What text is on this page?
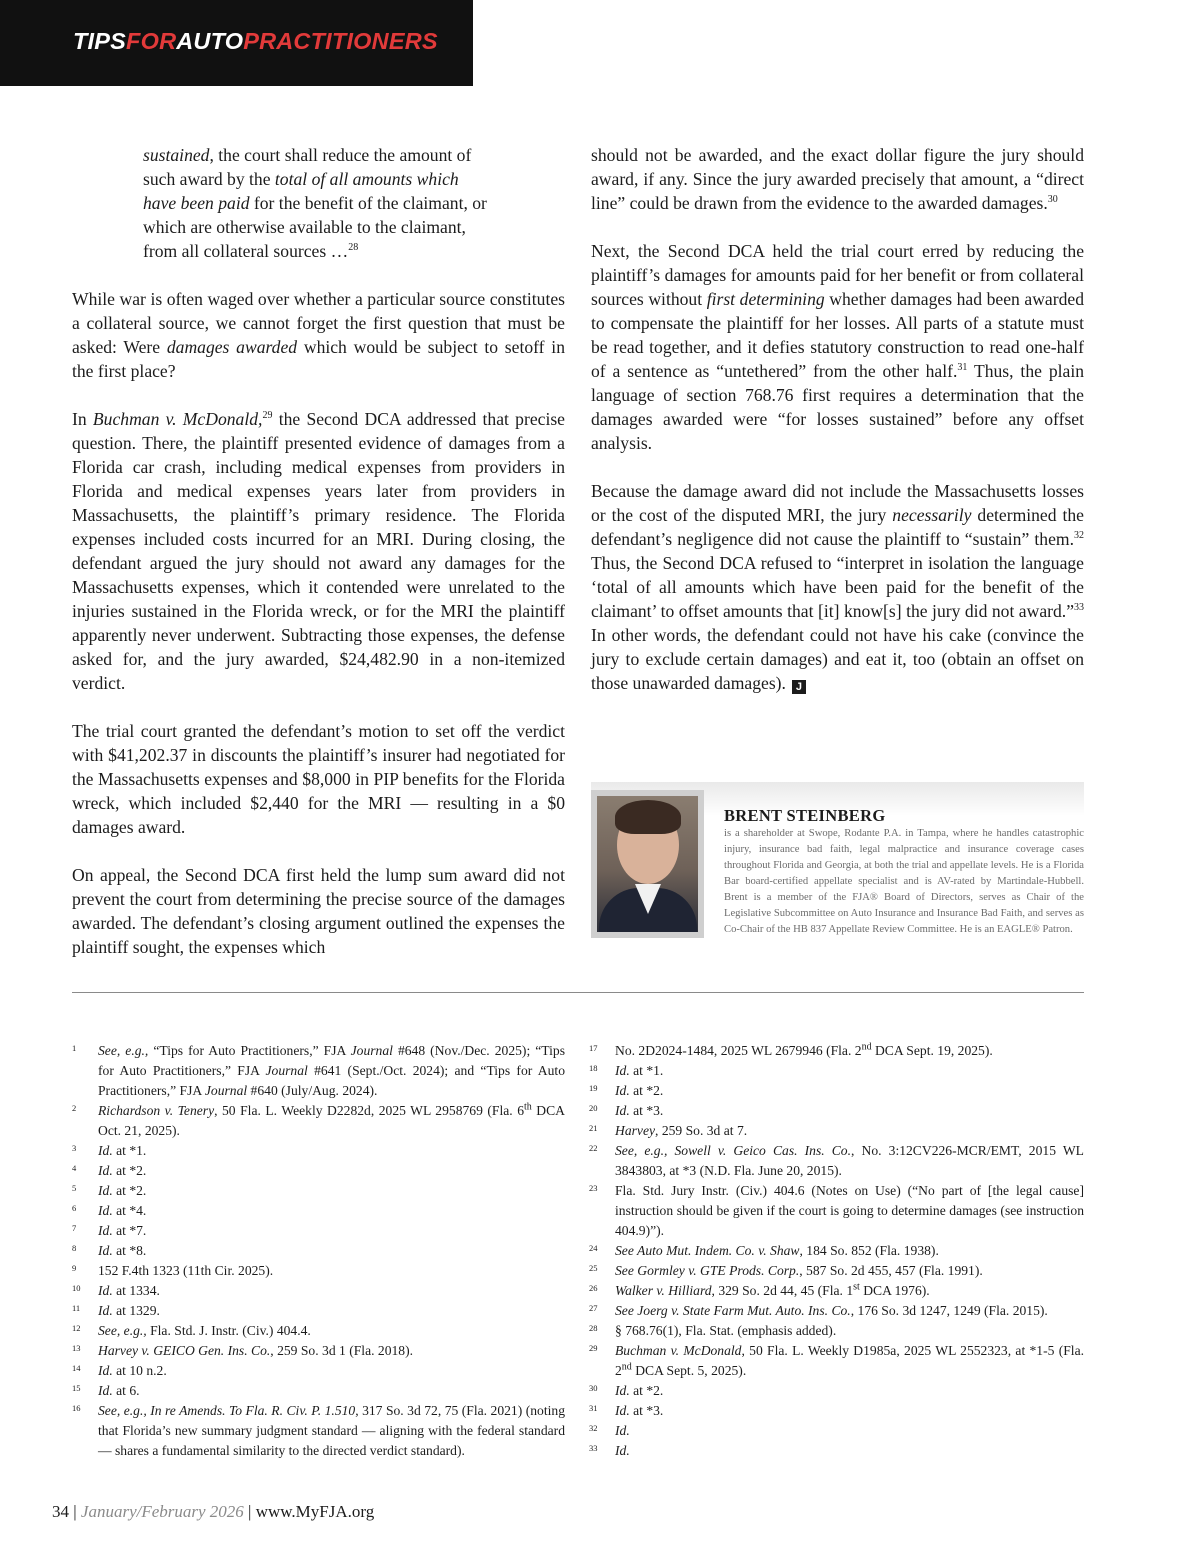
TIPSFORAUTOPRACTITIONERS

sustained, the court shall reduce the amount of such award by the total of all amounts which have been paid for the benefit of the claimant, or which are otherwise available to the claimant, from all collateral sources …$^{28}$

While war is often waged over whether a particular source constitutes a collateral source, we cannot forget the first question that must be asked: Were damages awarded which would be subject to setoff in the first place?

In Buchman v. McDonald,$^{29}$ the Second DCA addressed that precise question. There, the plaintiff presented evidence of damages from a Florida car crash, including medical expenses from providers in Florida and medical expenses years later from providers in Massachusetts, the plaintiff’s primary residence. The Florida expenses included costs incurred for an MRI. During closing, the defendant argued the jury should not award any damages for the Massachusetts expenses, which it contended were unrelated to the injuries sustained in the Florida wreck, or for the MRI the plaintiff apparently never underwent. Subtracting those expenses, the defense asked for, and the jury awarded, $24,482.90 in a non-itemized verdict.

The trial court granted the defendant’s motion to set off the verdict with $41,202.37 in discounts the plaintiff’s insurer had negotiated for the Massachusetts expenses and $8,000 in PIP benefits for the Florida wreck, which included $2,440 for the MRI — resulting in a $0 damages award.

On appeal, the Second DCA first held the lump sum award did not prevent the court from determining the precise source of the damages awarded. The defendant’s closing argument outlined the expenses the plaintiff sought, the expenses which

should not be awarded, and the exact dollar figure the jury should award, if any. Since the jury awarded precisely that amount, a “direct line” could be drawn from the evidence to the awarded damages.$^{30}$

Next, the Second DCA held the trial court erred by reducing the plaintiff’s damages for amounts paid for her benefit or from collateral sources without first determining whether damages had been awarded to compensate the plaintiff for her losses. All parts of a statute must be read together, and it defies statutory construction to read one-half of a sentence as “untethered” from the other half.$^{31}$ Thus, the plain language of section 768.76 first requires a determination that the damages awarded were “for losses sustained” before any offset analysis.

Because the damage award did not include the Massachusetts losses or the cost of the disputed MRI, the jury necessarily determined the defendant’s negligence did not cause the plaintiff to “sustain” them.$^{32}$ Thus, the Second DCA refused to “interpret in isolation the language ‘total of all amounts which have been paid for the benefit of the claimant’ to offset amounts that [it] know[s] the jury did not award.”$^{33}$ In other words, the defendant could not have his cake (convince the jury to exclude certain damages) and eat it, too (obtain an offset on those unawarded damages). J

BRENT STEINBERG
is a shareholder at Swope, Rodante P.A. in Tampa, where he handles catastrophic injury, insurance bad faith, legal malpractice and insurance coverage cases throughout Florida and Georgia, at both the trial and appellate levels. He is a Florida Bar board-certified appellate specialist and is AV-rated by Martindale-Hubbell. Brent is a member of the FJA® Board of Directors, serves as Chair of the Legislative Subcommittee on Auto Insurance and Insurance Bad Faith, and serves as Co-Chair of the HB 837 Appellate Review Committee. He is an EAGLE® Patron.
1	See, e.g., “Tips for Auto Practitioners,” FJA Journal #648 (Nov./Dec. 2025); “Tips for Auto Practitioners,” FJA Journal #641 (Sept./Oct. 2024); and “Tips for Auto Practitioners,” FJA Journal #640 (July/Aug. 2024).
2	Richardson v. Tenery, 50 Fla. L. Weekly D2282d, 2025 WL 2958769 (Fla. 6th DCA Oct. 21, 2025).
3	Id. at *1.
4	Id. at *2.
5	Id. at *2.
6	Id. at *4.
7	Id. at *7.
8	Id. at *8.
9	152 F.4th 1323 (11th Cir. 2025).
10	Id. at 1334.
11	Id. at 1329.
12	See, e.g., Fla. Std. J. Instr. (Civ.) 404.4.
13	Harvey v. GEICO Gen. Ins. Co., 259 So. 3d 1 (Fla. 2018).
14	Id. at 10 n.2.
15	Id. at 6.
16	See, e.g., In re Amends. To Fla. R. Civ. P. 1.510, 317 So. 3d 72, 75 (Fla. 2021) (noting that Florida’s new summary judgment standard — aligning with the federal standard — shares a fundamental similarity to the directed verdict standard).
17	No. 2D2024-1484, 2025 WL 2679946 (Fla. 2nd DCA Sept. 19, 2025).
18	Id. at *1.
19	Id. at *2.
20	Id. at *3.
21	Harvey, 259 So. 3d at 7.
22	See, e.g., Sowell v. Geico Cas. Ins. Co., No. 3:12CV226-MCR/EMT, 2015 WL 3843803, at *3 (N.D. Fla. June 20, 2015).
23	Fla. Std. Jury Instr. (Civ.) 404.6 (Notes on Use) (“No part of [the legal cause] instruction should be given if the court is going to determine damages (see instruction 404.9)”).
24	See Auto Mut. Indem. Co. v. Shaw, 184 So. 852 (Fla. 1938).
25	See Gormley v. GTE Prods. Corp., 587 So. 2d 455, 457 (Fla. 1991).
26	Walker v. Hilliard, 329 So. 2d 44, 45 (Fla. 1st DCA 1976).
27	See Joerg v. State Farm Mut. Auto. Ins. Co., 176 So. 3d 1247, 1249 (Fla. 2015).
28	§ 768.76(1), Fla. Stat. (emphasis added).
29	Buchman v. McDonald, 50 Fla. L. Weekly D1985a, 2025 WL 2552323, at *1-5 (Fla. 2nd DCA Sept. 5, 2025).
30	Id. at *2.
31	Id. at *3.
32	Id.
33	Id.
34 | January/February 2026 | www.MyFJA.org
